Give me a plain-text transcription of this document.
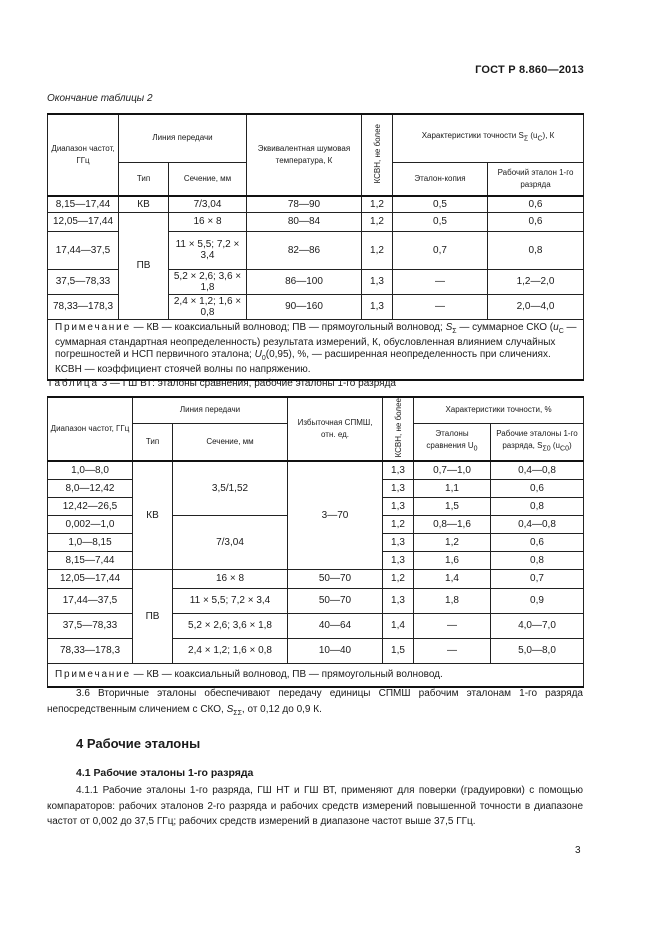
ГОСТ Р 8.860—2013
Окончание таблицы 2
Диапазон частот, ГГц	Линия передачи		Эквивалентная шумовая температура, К	КСВН, не более	Характеристики точности $S_\Sigma$ $(u_C)$, К	
	Тип	Сечение, мм			Эталон-копия	Рабочий эталон 1-го разряда
8,15—17,44	КВ	7/3,04	78—90	1,2	0,5	0,6
12,05—17,44	ПВ	16 × 8	80—84	1,2	0,5	0,6
17,44—37,5		11 × 5,5; 7,2 × 3,4	82—86	1,2	0,7	0,8
37,5—78,33		5,2 × 2,6; 3,6 × 1,8	86—100	1,3	—	1,2—2,0
78,33—178,3		2,4 × 1,2; 1,6 × 0,8	90—160	1,3	—	2,0—4,0
Примечание — КВ — коаксиальный волновод; ПВ — прямоугольный волновод; $S_\Sigma$ — суммарное СКО ($u_C$ — суммарная стандартная неопределенность) результата измерений, К, обусловленная влиянием случайных погрешностей и НСП первичного эталона; $U_0(0,95)$, %, — расширенная неопределенность при сличениях.
КСВН — коэффициент стоячей волны по напряжению.						
Таблица 3 — ГШ ВТ: эталоны сравнения, рабочие эталоны 1-го разряда
Диапазон частот, ГГц	Линия передачи		Избыточная СПМШ, отн. ед.	КСВН, не более	Характеристики точности, %	
	Тип	Сечение, мм			Эталоны сравнения $U_0$	Рабочие эталоны 1-го разряда, $S_{\Sigma 0}$ $(u_{C0})$
1,0—8,0	КВ	3,5/1,52	3—70	1,3	0,7—1,0	0,4—0,8
8,0—12,42				1,3	1,1	0,6
12,42—26,5				1,3	1,5	0,8
0,002—1,0		7/3,04		1,2	0,8—1,6	0,4—0,8
1,0—8,15				1,3	1,2	0,6
8,15—7,44				1,3	1,6	0,8
12,05—17,44	ПВ	16 × 8	50—70	1,2	1,4	0,7
17,44—37,5		11 × 5,5; 7,2 × 3,4	50—70	1,3	1,8	0,9
37,5—78,33		5,2 × 2,6; 3,6 × 1,8	40—64	1,4	—	4,0—7,0
78,33—178,3		2,4 × 1,2; 1,6 × 0,8	10—40	1,5	—	5,0—8,0
Примечание — КВ — коаксиальный волновод, ПВ — прямоугольный волновод.						
3.6 Вторичные эталоны обеспечивают передачу единицы СПМШ рабочим эталонам 1-го разряда непосредственным сличением с СКО, $S_{\Sigma\Sigma}$, от 0,12 до 0,9 К.
4 Рабочие эталоны
4.1 Рабочие эталоны 1-го разряда
4.1.1 Рабочие эталоны 1-го разряда, ГШ НТ и ГШ ВТ, применяют для поверки (градуировки) с помощью компараторов: рабочих эталонов 2-го разряда и рабочих средств измерений повышенной точности в диапазоне частот от 0,002 до 37,5 ГГц; рабочих средств измерений в диапазоне частот выше 37,5 ГГц.
3
